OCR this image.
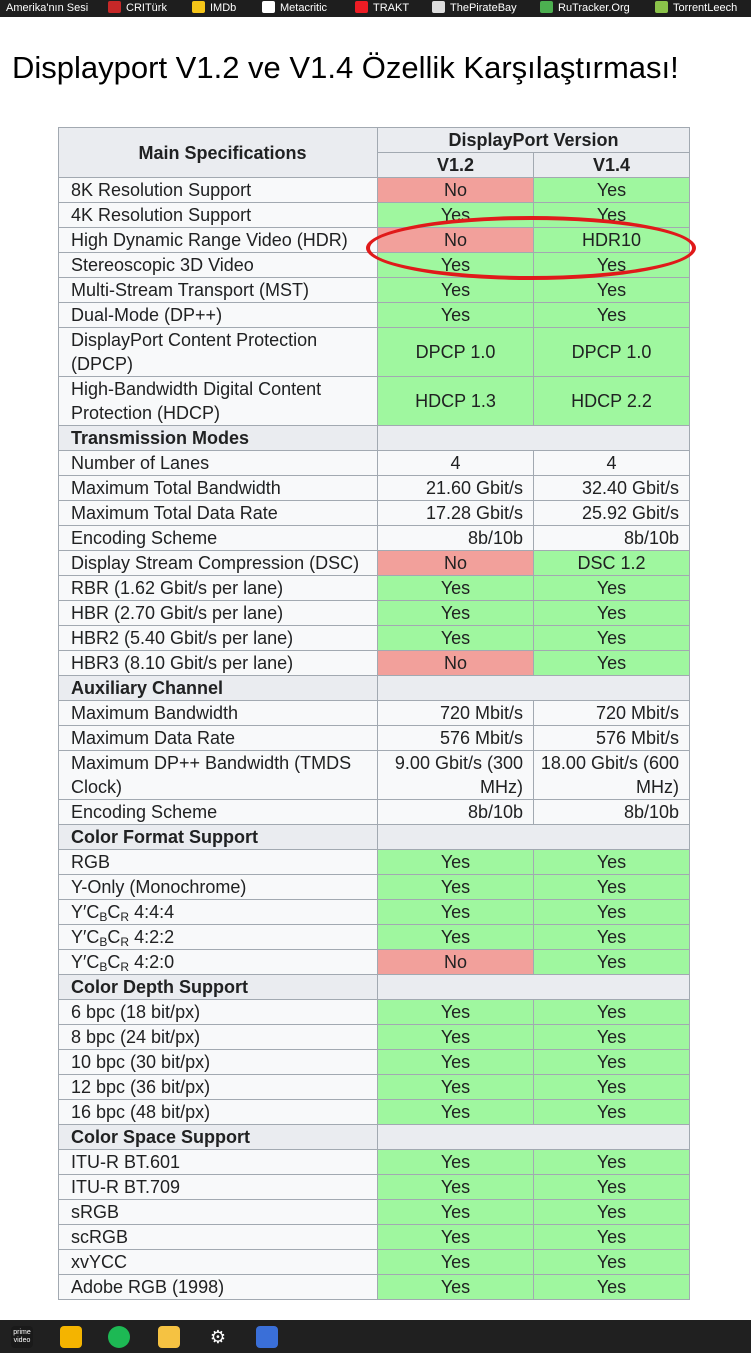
Amerika'nın Sesi	CRITürk	IMDb	Metacritic	TRAKT	ThePirateBay	RuTracker.Org	TorrentLeech
Displayport V1.2 ve V1.4 Özellik Karşılaştırması!
Main Specifications	DisplayPort Version	
	V1.2	V1.4
8K Resolution Support	No	Yes
4K Resolution Support	Yes	Yes
High Dynamic Range Video (HDR)	No	HDR10
Stereoscopic 3D Video	Yes	Yes
Multi-Stream Transport (MST)	Yes	Yes
Dual-Mode (DP++)	Yes	Yes
DisplayPort Content Protection (DPCP)	DPCP 1.0	DPCP 1.0
High-Bandwidth Digital Content Protection (HDCP)	HDCP 1.3	HDCP 2.2
Transmission Modes		
Number of Lanes	4	4
Maximum Total Bandwidth	21.60 Gbit/s	32.40 Gbit/s
Maximum Total Data Rate	17.28 Gbit/s	25.92 Gbit/s
Encoding Scheme	8b/10b	8b/10b
Display Stream Compression (DSC)	No	DSC 1.2
RBR (1.62 Gbit/s per lane)	Yes	Yes
HBR (2.70 Gbit/s per lane)	Yes	Yes
HBR2 (5.40 Gbit/s per lane)	Yes	Yes
HBR3 (8.10 Gbit/s per lane)	No	Yes
Auxiliary Channel		
Maximum Bandwidth	720 Mbit/s	720 Mbit/s
Maximum Data Rate	576 Mbit/s	576 Mbit/s
Maximum DP++ Bandwidth (TMDS Clock)	9.00 Gbit/s (300 MHz)	18.00 Gbit/s (600 MHz)
Encoding Scheme	8b/10b	8b/10b
Color Format Support		
RGB	Yes	Yes
Y-Only (Monochrome)	Yes	Yes
$Y'C_BC_R$ 4:4:4	Yes	Yes
$Y'C_BC_R$ 4:2:2	Yes	Yes
$Y'C_BC_R$ 4:2:0	No	Yes
Color Depth Support		
6 bpc (18 bit/px)	Yes	Yes
8 bpc (24 bit/px)	Yes	Yes
10 bpc (30 bit/px)	Yes	Yes
12 bpc (36 bit/px)	Yes	Yes
16 bpc (48 bit/px)	Yes	Yes
Color Space Support		
ITU-R BT.601	Yes	Yes
ITU-R BT.709	Yes	Yes
sRGB	Yes	Yes
scRGB	Yes	Yes
xvYCC	Yes	Yes
Adobe RGB (1998)	Yes	Yes
prime video	⚙
